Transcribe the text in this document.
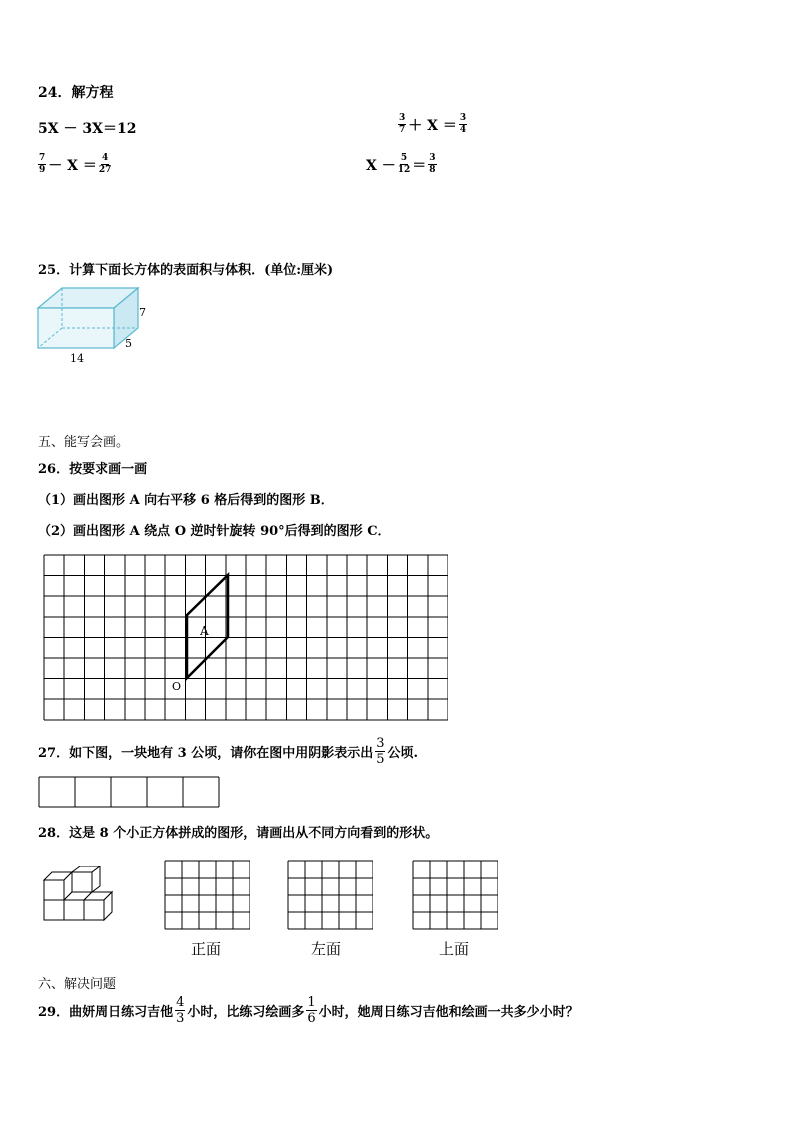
24．解方程
5X － 3X＝12	$\frac{3}{7} + X = \frac{3}{4}$
$\frac{7}{9} - X = \frac{4}{27}$	$X - \frac{5}{12} = \frac{3}{8}$
25．计算下面长方体的表面积与体积．(单位:厘米)
7
5
14
五、能写会画。
26．按要求画一画
（1）画出图形 A 向右平移 6 格后得到的图形 B．
（2）画出图形 A 绕点 O 逆时针旋转 90°后得到的图形 C．
A
O
27．如下图，一块地有 3 公顷，请你在图中用阴影表示出
3
5 公顷.
28．这是 8 个小正方体拼成的图形，请画出从不同方向看到的形状。
正面	左面	上面
六、解决问题
29．曲妍周日练习吉他
4
3 小时，比练习绘画多
1
6 小时，她周日练习吉他和绘画一共多少小时？
